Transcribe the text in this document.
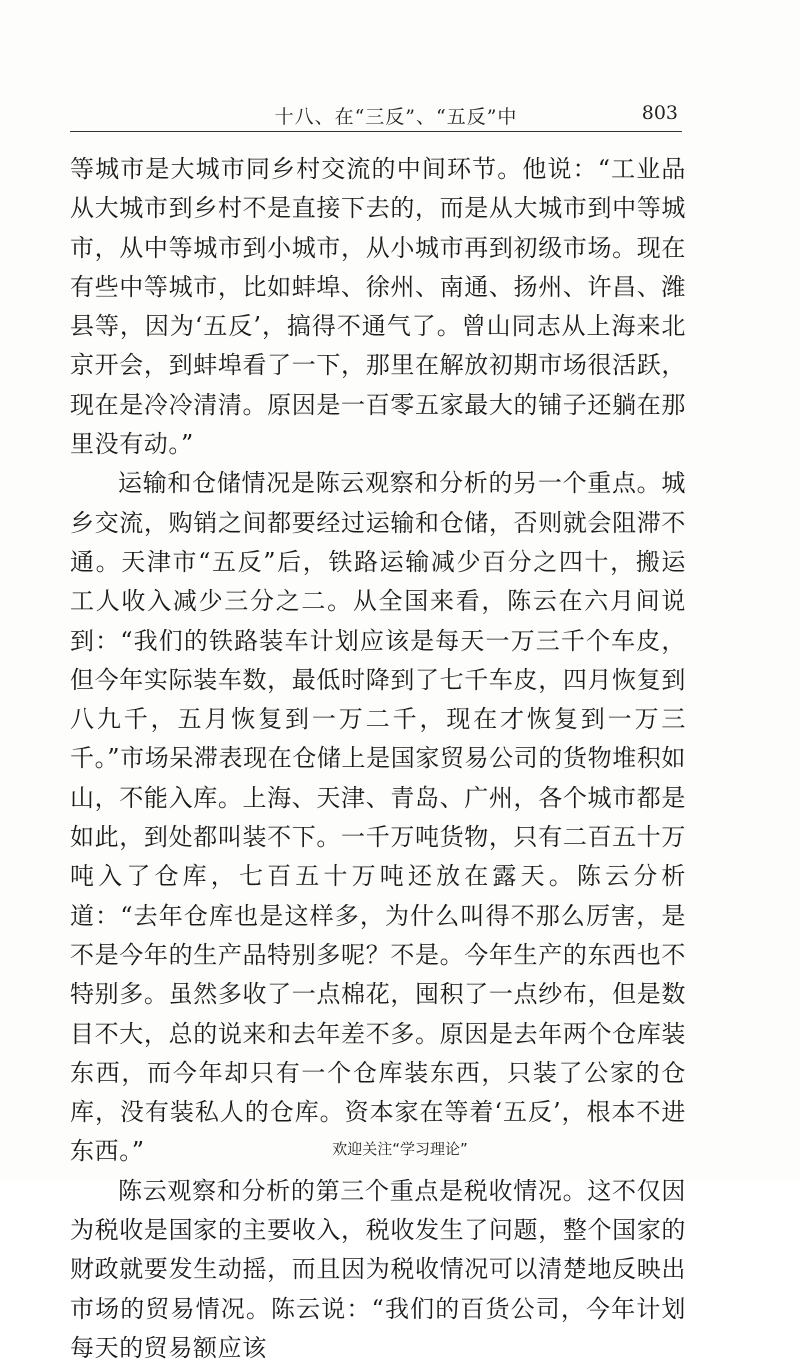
十八、在“三反”、“五反”中	803

等城市是大城市同乡村交流的中间环节。他说：“工业品从大城市到乡村不是直接下去的，而是从大城市到中等城市，从中等城市到小城市，从小城市再到初级市场。现在有些中等城市，比如蚌埠、徐州、南通、扬州、许昌、潍县等，因为‘五反’，搞得不通气了。曾山同志从上海来北京开会，到蚌埠看了一下，那里在解放初期市场很活跃，现在是冷冷清清。原因是一百零五家最大的铺子还躺在那里没有动。”

运输和仓储情况是陈云观察和分析的另一个重点。城乡交流，购销之间都要经过运输和仓储，否则就会阻滞不通。天津市“五反”后，铁路运输减少百分之四十，搬运工人收入减少三分之二。从全国来看，陈云在六月间说到：“我们的铁路装车计划应该是每天一万三千个车皮，但今年实际装车数，最低时降到了七千车皮，四月恢复到八九千，五月恢复到一万二千，现在才恢复到一万三千。”市场呆滞表现在仓储上是国家贸易公司的货物堆积如山，不能入库。上海、天津、青岛、广州，各个城市都是如此，到处都叫装不下。一千万吨货物，只有二百五十万吨入了仓库，七百五十万吨还放在露天。陈云分析道：“去年仓库也是这样多，为什么叫得不那么厉害，是不是今年的生产品特别多呢？不是。今年生产的东西也不特别多。虽然多收了一点棉花，囤积了一点纱布，但是数目不大，总的说来和去年差不多。原因是去年两个仓库装东西，而今年却只有一个仓库装东西，只装了公家的仓库，没有装私人的仓库。资本家在等着‘五反’，根本不进东西。”

陈云观察和分析的第三个重点是税收情况。这不仅因为税收是国家的主要收入，税收发生了问题，整个国家的财政就要发生动摇，而且因为税收情况可以清楚地反映出市场的贸易情况。陈云说：“我们的百货公司，今年计划每天的贸易额应该

欢迎关注“学习理论”
